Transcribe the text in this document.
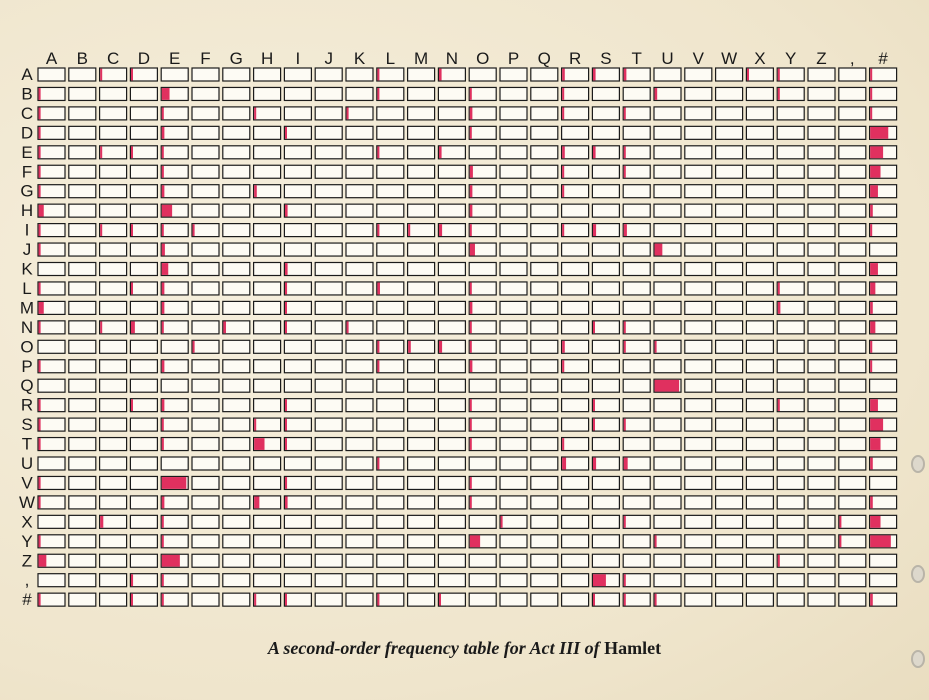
A B C D E F G H I J K L M N O P Q R S T U V W X Y Z , #
A
B
C
D
E
F
G
H
I
J
K
L
M
N
O
P
Q
R
S
T
U
V
W
X
Y
Z
,
#
A second-order frequency table for Act III of Hamlet
